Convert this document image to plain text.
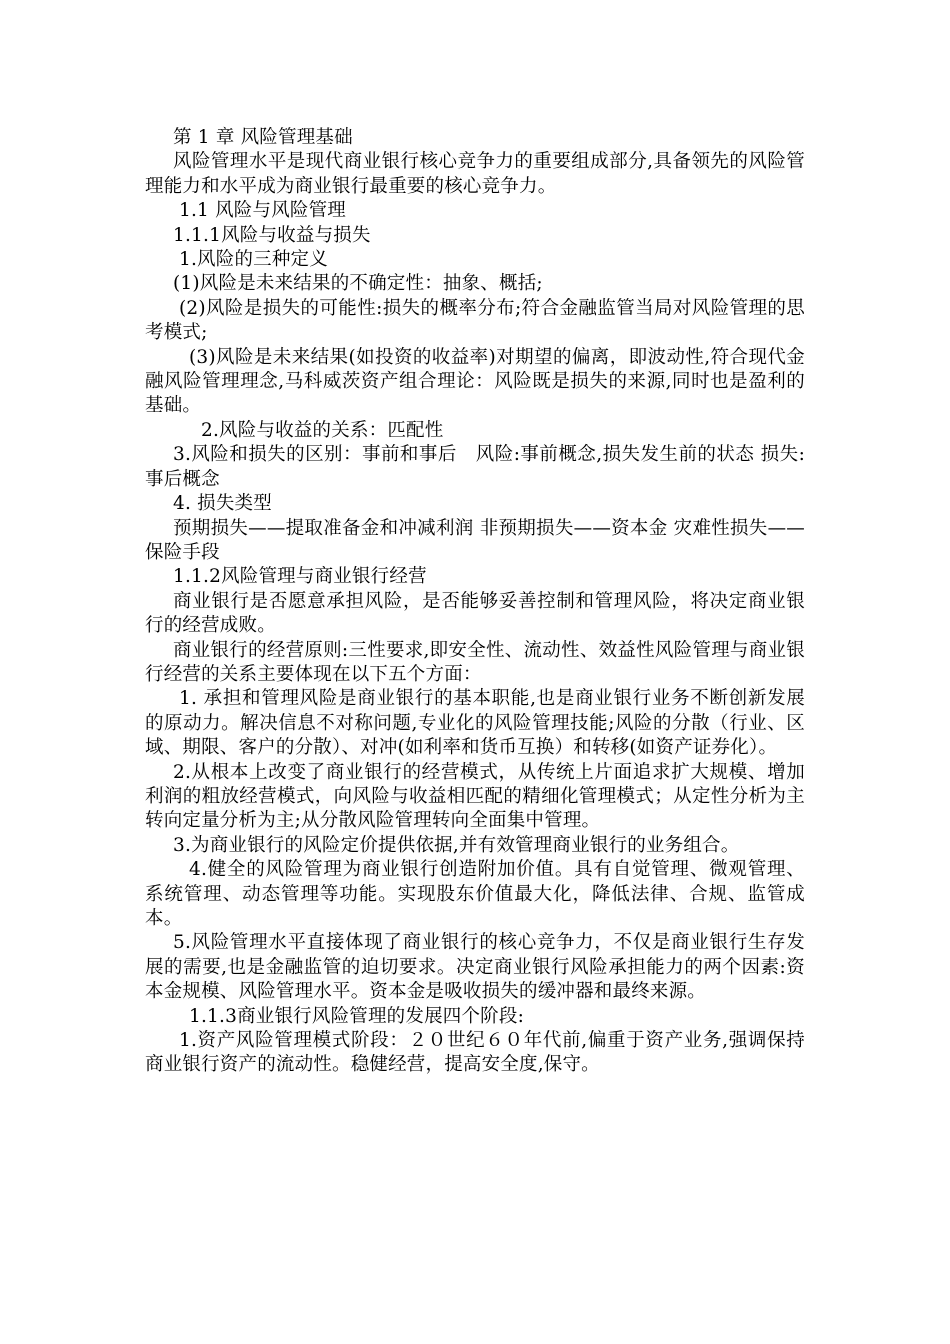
第 1 章 风险管理基础

风险管理水平是现代商业银行核心竞争力的重要组成部分,具备领先的风险管理能力和水平成为商业银行最重要的核心竞争力。

1.1 风险与风险管理

1.1.1风险与收益与损失

1.风险的三种定义

(1)风险是未来结果的不确定性：抽象、概括;

(2)风险是损失的可能性:损失的概率分布;符合金融监管当局对风险管理的思考模式;

(3)风险是未来结果(如投资的收益率)对期望的偏离，即波动性,符合现代金融风险管理理念,马科威茨资产组合理论：风险既是损失的来源,同时也是盈利的基础。

2.风险与收益的关系：匹配性

3.风险和损失的区别：事前和事后　风险:事前概念,损失发生前的状态 损失:事后概念

4. 损失类型

预期损失——提取准备金和冲减利润 非预期损失——资本金 灾难性损失——保险手段

1.1.2风险管理与商业银行经营

商业银行是否愿意承担风险，是否能够妥善控制和管理风险，将决定商业银行的经营成败。

商业银行的经营原则:三性要求,即安全性、流动性、效益性风险管理与商业银行经营的关系主要体现在以下五个方面：

1. 承担和管理风险是商业银行的基本职能,也是商业银行业务不断创新发展的原动力。解决信息不对称问题,专业化的风险管理技能;风险的分散（行业、区域、期限、客户的分散）、对冲(如利率和货币互换）和转移(如资产证券化）。

2.从根本上改变了商业银行的经营模式，从传统上片面追求扩大规模、增加利润的粗放经营模式，向风险与收益相匹配的精细化管理模式；从定性分析为主转向定量分析为主;从分散风险管理转向全面集中管理。

3.为商业银行的风险定价提供依据,并有效管理商业银行的业务组合。

4.健全的风险管理为商业银行创造附加价值。具有自觉管理、微观管理、系统管理、动态管理等功能。实现股东价值最大化，降低法律、合规、监管成本。

5.风险管理水平直接体现了商业银行的核心竞争力，不仅是商业银行生存发展的需要,也是金融监管的迫切要求。决定商业银行风险承担能力的两个因素:资本金规模、风险管理水平。资本金是吸收损失的缓冲器和最终来源。

1.1.3商业银行风险管理的发展四个阶段:

1.资产风险管理模式阶段：２０世纪６０年代前,偏重于资产业务,强调保持商业银行资产的流动性。稳健经营，提高安全度,保守。
